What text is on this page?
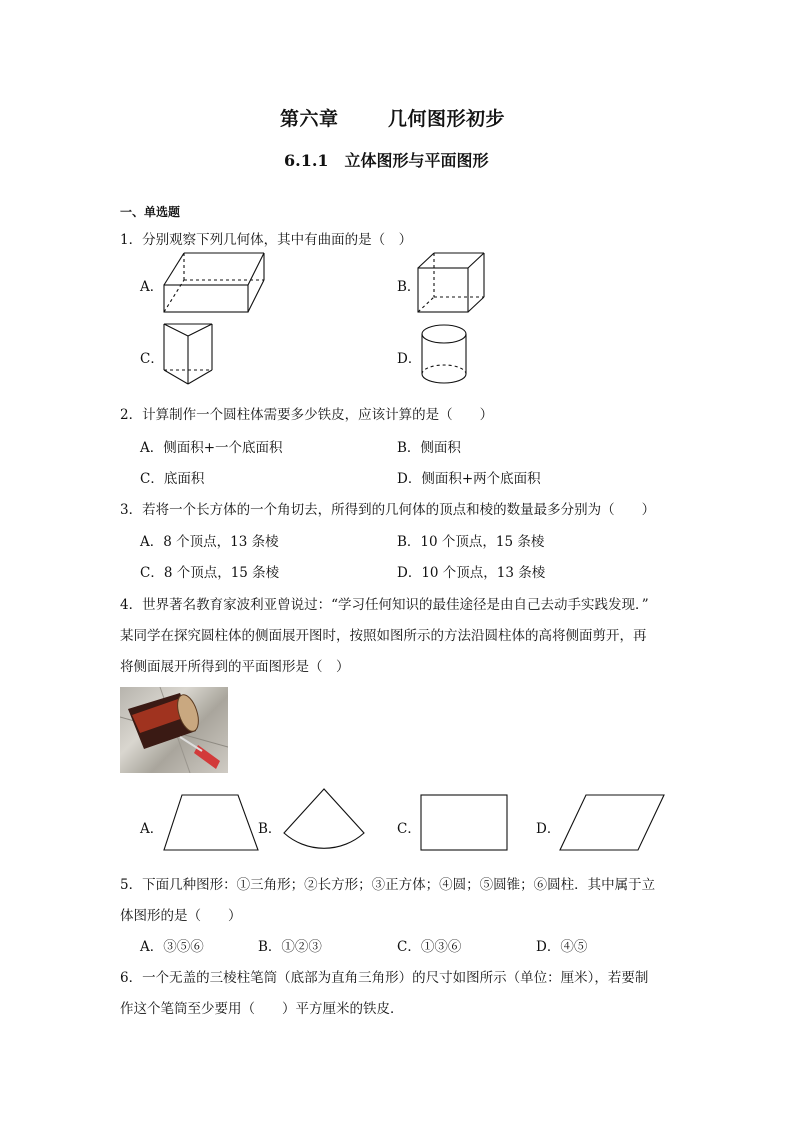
第六章	几何图形初步
6.1.1　立体图形与平面图形
一、单选题
1．分别观察下列几何体，其中有曲面的是（　）
A．	B．
C．	D．
2．计算制作一个圆柱体需要多少铁皮，应该计算的是（　　）
A．侧面积+一个底面积	B．侧面积
C．底面积	D．侧面积+两个底面积
3．若将一个长方体的一个角切去，所得到的几何体的顶点和棱的数量最多分别为（　　）
A．8 个顶点，13 条棱	B．10 个顶点，15 条棱
C．8 个顶点，15 条棱	D．10 个顶点，13 条棱
4．世界著名教育家波利亚曾说过：“学习任何知识的最佳途径是由自己去动手实践发现．”
某同学在探究圆柱体的侧面展开图时，按照如图所示的方法沿圆柱体的高将侧面剪开，再
将侧面展开所得到的平面图形是（　）
A．	B．	C．	D．
5．下面几种图形：①三角形；②长方形；③正方体；④圆；⑤圆锥；⑥圆柱．其中属于立
体图形的是（　　）
A．③⑤⑥	B．①②③	C．①③⑥	D．④⑤
6．一个无盖的三棱柱笔筒（底部为直角三角形）的尺寸如图所示（单位：厘米），若要制
作这个笔筒至少要用（　　）平方厘米的铁皮．
